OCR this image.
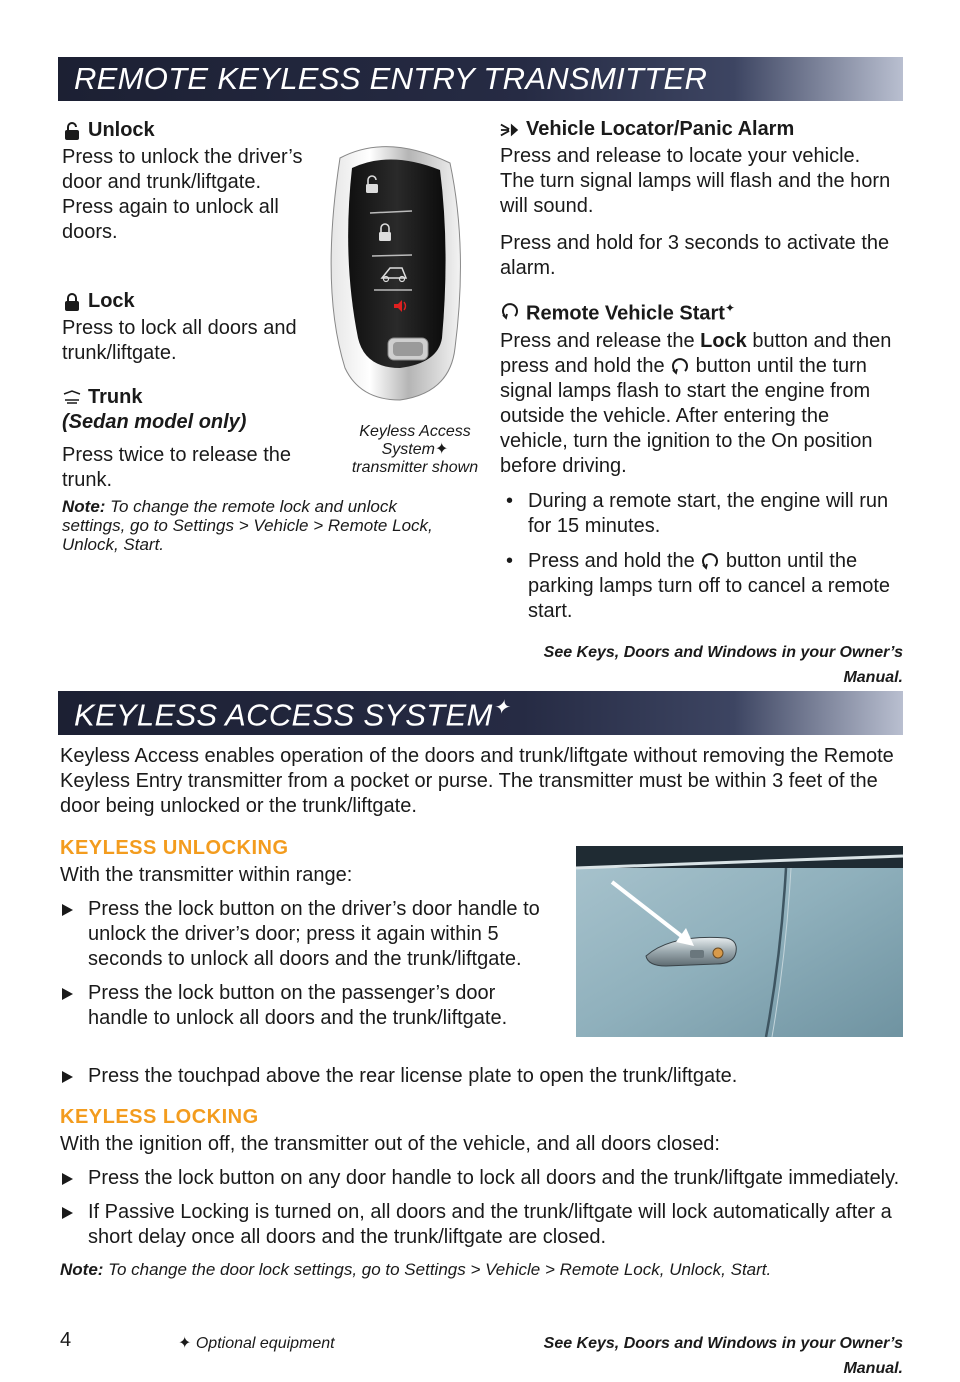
REMOTE KEYLESS ENTRY TRANSMITTER
Unlock
Press to unlock the driver’s door and trunk/liftgate. Press again to unlock all doors.
Lock
Press to lock all doors and trunk/liftgate.
Trunk
(Sedan model only)
Press twice to release the trunk.
Note: To change the remote lock and unlock settings, go to Settings > Vehicle > Remote Lock, Unlock, Start.
Keyless Access System✦ transmitter shown
Vehicle Locator/Panic Alarm
Press and release to locate your vehicle. The turn signal lamps will flash and the horn will sound.
Press and hold for 3 seconds to activate the alarm.
Remote Vehicle Start✦
Press and release the Lock button and then press and hold the  button until the turn signal lamps flash to start the engine from outside the vehicle. After entering the vehicle, turn the ignition to the On position before driving.
• During a remote start, the engine will run for 15 minutes.
• Press and hold the  button until the parking lamps turn off to cancel a remote start.
See Keys, Doors and Windows in your Owner’s Manual.
KEYLESS ACCESS SYSTEM✦
Keyless Access enables operation of the doors and trunk/liftgate without removing the Remote Keyless Entry transmitter from a pocket or purse. The transmitter must be within 3 feet of the door being unlocked or the trunk/liftgate.
KEYLESS UNLOCKING
With the transmitter within range:
Press the lock button on the driver’s door handle to unlock the driver’s door; press it again within 5 seconds to unlock all doors and the trunk/liftgate.
Press the lock button on the passenger’s door handle to unlock all doors and the trunk/liftgate.
Press the touchpad above the rear license plate to open the trunk/liftgate.
KEYLESS LOCKING
With the ignition off, the transmitter out of the vehicle, and all doors closed:
Press the lock button on any door handle to lock all doors and the trunk/liftgate immediately.
If Passive Locking is turned on, all doors and the trunk/liftgate will lock automatically after a short delay once all doors and the trunk/liftgate are closed.
Note: To change the door lock settings, go to Settings > Vehicle > Remote Lock, Unlock, Start.
4	✦ Optional equipment	See Keys, Doors and Windows in your Owner’s Manual.
